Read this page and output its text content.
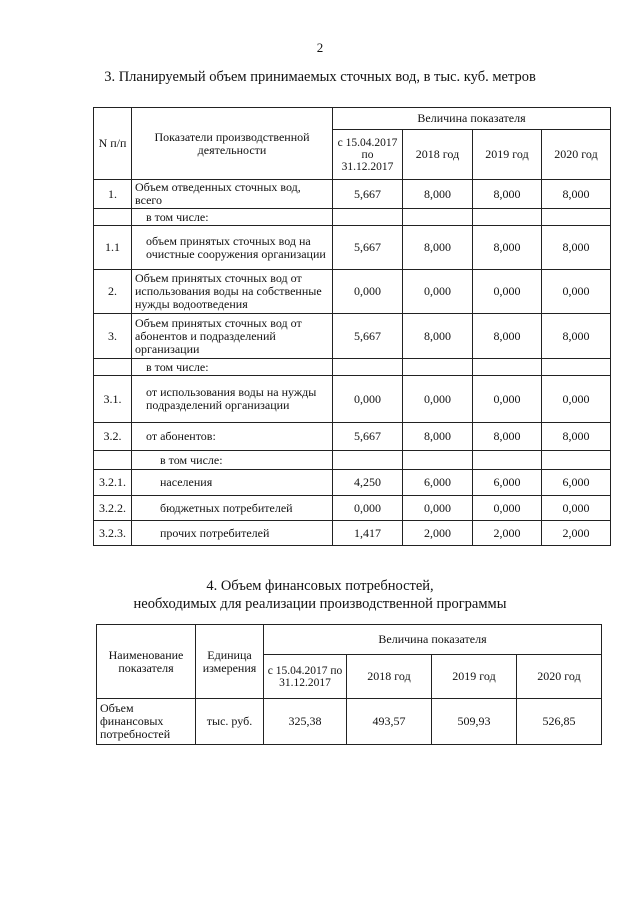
2
3. Планируемый объем принимаемых сточных вод, в тыс. куб. метров
N п/п	Показатели производственной деятельности	Величина показателя			
		с 15.04.2017 по 31.12.2017	2018 год	2019 год	2020 год
1.	Объем отведенных сточных вод, всего	5,667	8,000	8,000	8,000
	в том числе:				
1.1	объем принятых сточных вод на очистные сооружения организации	5,667	8,000	8,000	8,000
2.	Объем принятых сточных вод от использования воды на собственные нужды водоотведения	0,000	0,000	0,000	0,000
3.	Объем принятых сточных вод от абонентов и подразделений организации	5,667	8,000	8,000	8,000
	в том числе:				
3.1.	от использования воды на нужды подразделений организации	0,000	0,000	0,000	0,000
3.2.	от абонентов:	5,667	8,000	8,000	8,000
	в том числе:				
3.2.1.	населения	4,250	6,000	6,000	6,000
3.2.2.	бюджетных потребителей	0,000	0,000	0,000	0,000
3.2.3.	прочих потребителей	1,417	2,000	2,000	2,000
4. Объем финансовых потребностей,
необходимых для реализации производственной программы
Наименование показателя	Единица измерения	Величина показателя			
		с 15.04.2017 по 31.12.2017	2018 год	2019 год	2020 год
Объем финансовых потребностей	тыс. руб.	325,38	493,57	509,93	526,85
